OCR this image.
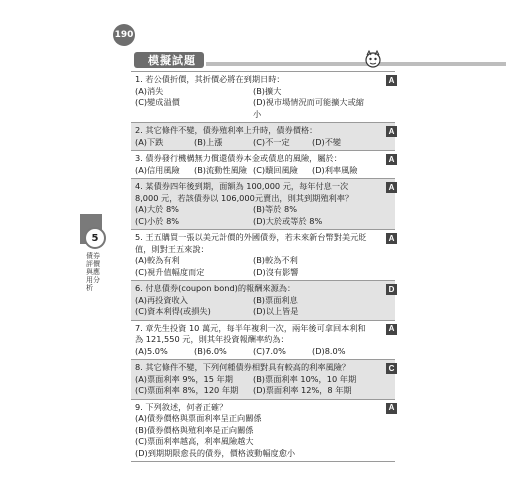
190
5
債券評價與應用分析
模擬試題
1. 若公債折價，其折價必將在到期日時：
(A)消失	(B)擴大
(C)變成溢價	(D)視市場情況而可能擴大或縮小
A
2. 其它條件不變，債券殖利率上升時，債券價格：
(A)下跌	(B)上漲	(C)不一定	(D)不變
A
3. 債券發行機構無力償還債券本金或債息的風險，屬於：
(A)信用風險	(B)流動性風險 (C)贖回風險	(D)利率風險
A
4. 某債券四年後到期，面額為 100,000 元，每年付息一次 8,000 元，若該債券以 106,000元賣出，則其到期殖利率？
(A)大於 8%	(B)等於 8%
(C)小於 8%	(D)大於或等於 8%
A
5. 王五購買一張以美元計價的外國債券，若未來新台幣對美元貶值，則對王五來說：
(A)較為有利	(B)較為不利
(C)視升值幅度而定	(D)沒有影響
A
6. 付息債券(coupon bond)的報酬來源為：
(A)再投資收入	(B)票面利息
(C)資本利得(或損失)	(D)以上皆是
D
7. 章先生投資 10 萬元，每半年複利一次，兩年後可拿回本利和為 121,550 元，則其年投資報酬率約為：
(A)5.0%	(B)6.0%	(C)7.0%	(D)8.0%
A
8. 其它條件不變，下列何種債券相對具有較高的利率風險？
(A)票面利率 9%，15 年期	(B)票面利率 10%，10 年期
(C)票面利率 8%，120 年期	(D)票面利率 12%，8 年期
C
9. 下列敘述，何者正確？
(A)債券價格與票面利率呈正向關係
(B)債券價格與殖利率是正向關係
(C)票面利率越高，利率風險越大
(D)到期期限愈長的債券，價格波動幅度愈小
A
